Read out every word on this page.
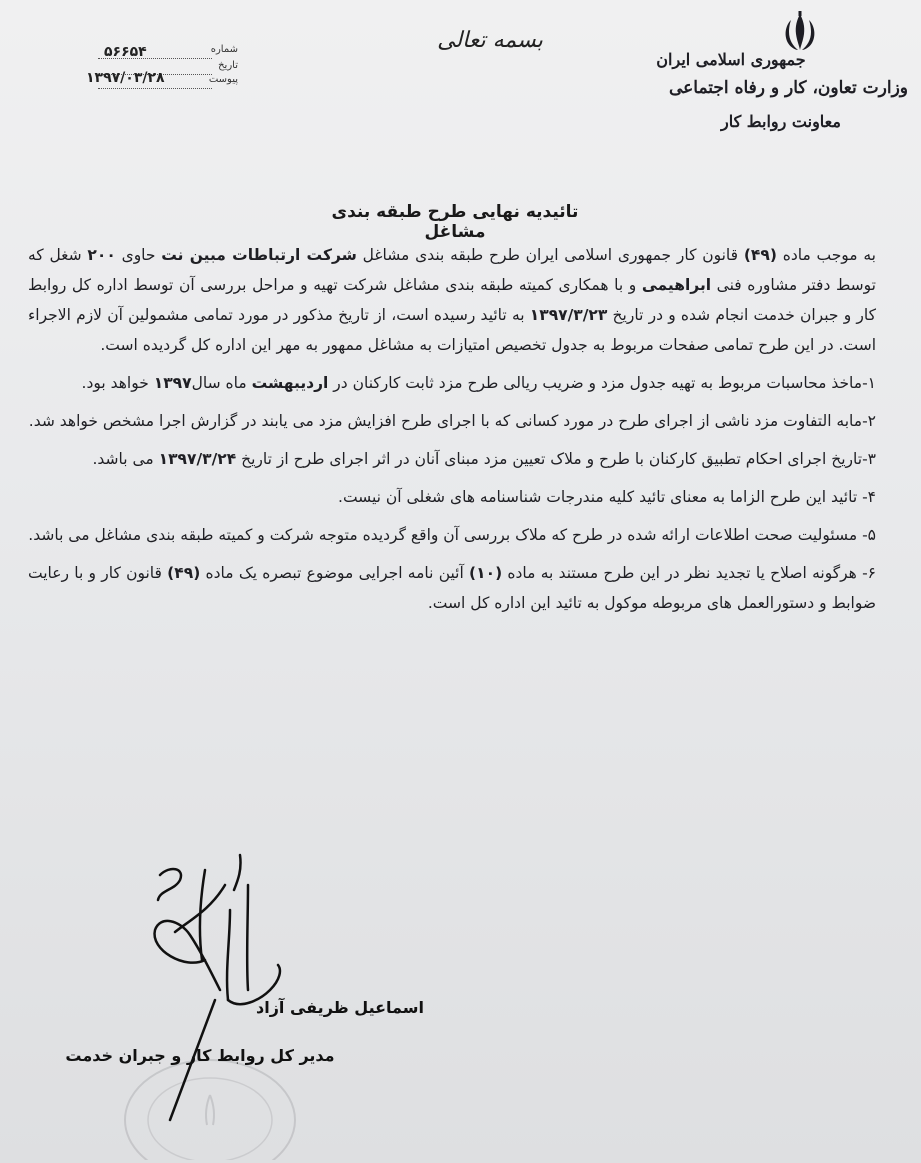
جمهوری اسلامی ایران
وزارت تعاون، کار و رفاه اجتماعی
معاونت روابط کار
بسمه تعالی
شماره
۵۶۶۵۴
تاریخ
۱۳۹۷/۰۳/۲۸	پیوست
تائیدیه نهایی طرح طبقه بندی مشاغل

به موجب ماده (۴۹) قانون کار جمهوری اسلامی ایران طرح طبقه بندی مشاغل شرکت ارتباطات مبین نت حاوی ۲۰۰ شغل که توسط دفتر مشاوره فنی ابراهیمی و با همکاری کمیته طبقه بندی مشاغل شرکت تهیه و مراحل بررسی آن توسط اداره کل روابط کار و جبران خدمت انجام شده و در تاریخ ۱۳۹۷/۳/۲۳ به تائید رسیده است، از تاریخ مذکور در مورد تمامی مشمولین آن لازم الاجراء است. در این طرح تمامی صفحات مربوط به جدول تخصیص امتیازات به مشاغل ممهور به مهر این اداره کل گردیده است.

۱-ماخذ محاسبات مربوط به تهیه جدول مزد و ضریب ریالی طرح مزد ثابت کارکنان در اردیبهشت ماه سال۱۳۹۷ خواهد بود.

۲-مابه التفاوت مزد ناشی از اجرای طرح در مورد کسانی که با اجرای طرح افزایش مزد می یابند در گزارش اجرا مشخص خواهد شد.

۳-تاریخ اجرای احکام تطبیق کارکنان با طرح و ملاک تعیین مزد مبنای آنان در اثر اجرای طرح از تاریخ ۱۳۹۷/۳/۲۴ می باشد.

۴- تائید این طرح الزاما به معنای تائید کلیه مندرجات شناسنامه های شغلی آن نیست.

۵- مسئولیت صحت اطلاعات ارائه شده در طرح که ملاک بررسی آن واقع گردیده متوجه شرکت و کمیته طبقه بندی مشاغل می باشد.

۶- هرگونه اصلاح یا تجدید نظر در این طرح مستند به ماده (۱۰) آئین نامه اجرایی موضوع تبصره یک ماده (۴۹) قانون کار و با رعایت ضوابط و دستورالعمل های مربوطه موکول به تائید این اداره کل است.

اسماعیل ظریفی آزاد
مدیر کل روابط کار و جبران خدمت
